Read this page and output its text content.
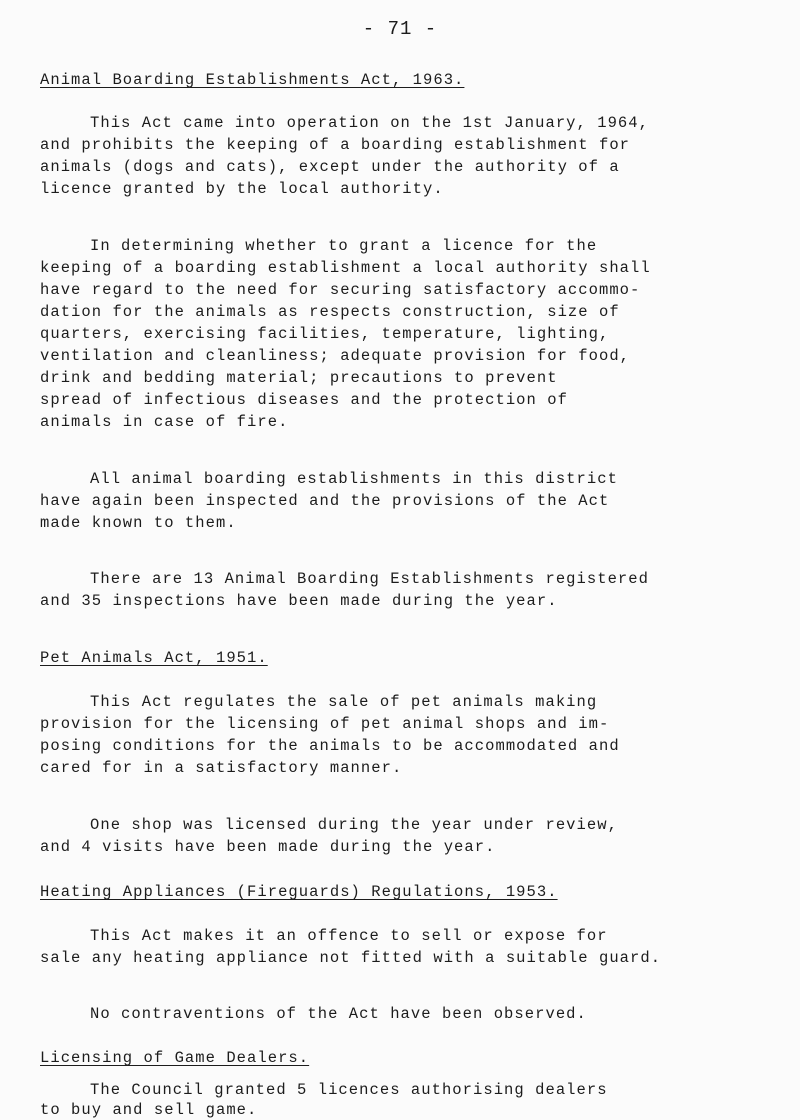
- 71 -
Animal Boarding Establishments Act, 1963.
This Act came into operation on the 1st January, 1964,
and prohibits the keeping of a boarding establishment for
animals (dogs and cats), except under the authority of a
licence granted by the local authority.
In determining whether to grant a licence for the
keeping of a boarding establishment a local authority shall
have regard to the need for securing satisfactory accommo-
dation for the animals as respects construction, size of
quarters, exercising facilities, temperature, lighting,
ventilation and cleanliness; adequate provision for food,
drink and bedding material; precautions to prevent
spread of infectious diseases and the protection of
animals in case of fire.
All animal boarding establishments in this district
have again been inspected and the provisions of the Act
made known to them.
There are 13 Animal Boarding Establishments registered
and 35 inspections have been made during the year.
Pet Animals Act, 1951.
This Act regulates the sale of pet animals making
provision for the licensing of pet animal shops and im-
posing conditions for the animals to be accommodated and
cared for in a satisfactory manner.
One shop was licensed during the year under review,
and 4 visits have been made during the year.
Heating Appliances (Fireguards) Regulations, 1953.
This Act makes it an offence to sell or expose for
sale any heating appliance not fitted with a suitable guard.
No contraventions of the Act have been observed.
Licensing of Game Dealers.
The Council granted 5 licences authorising dealers
to buy and sell game.
